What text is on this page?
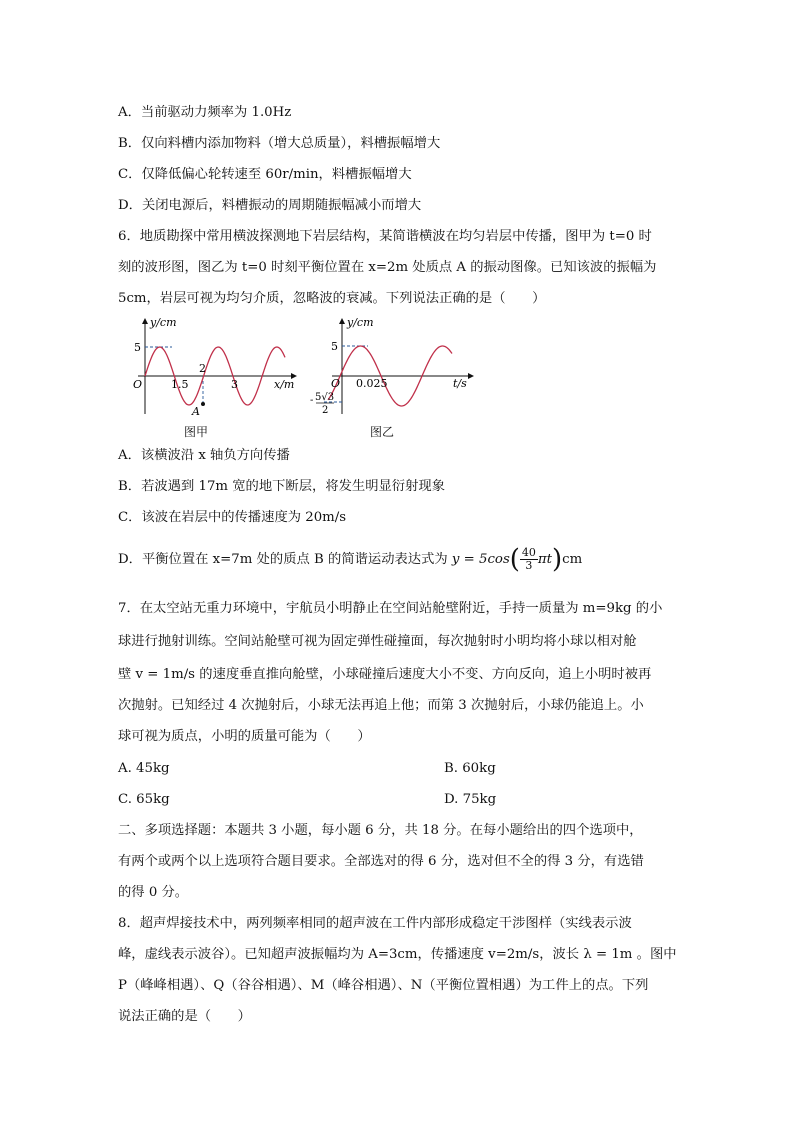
A．当前驱动力频率为 1.0Hz
B．仅向料槽内添加物料（增大总质量），料槽振幅增大
C．仅降低偏心轮转速至 60r/min，料槽振幅增大
D．关闭电源后，料槽振动的周期随振幅减小而增大
6．地质勘探中常用横波探测地下岩层结构，某简谐横波在均匀岩层中传播，图甲为 t=0 时
刻的波形图，图乙为 t=0 时刻平衡位置在 x=2m 处质点 A 的振动图像。已知该波的振幅为
5cm，岩层可视为均匀介质，忽略波的衰减。下列说法正确的是（　　）
y/cm
5
O	1.5
2
3	x/m
A
图甲
y/cm
5
O 0.025	t/s
- 5√3
2
图乙
A．该横波沿 x 轴负方向传播
B．若波遇到 17m 宽的地下断层，将发生明显衍射现象
C．该波在岩层中的传播速度为 20m/s
D．平衡位置在 x=7m 处的质点 B 的简谐运动表达式为 $y = 5\cos( \frac{40}{3} \pi t)cm$
7．在太空站无重力环境中，宇航员小明静止在空间站舱壁附近，手持一质量为 m=9kg 的小
球进行抛射训练。空间站舱壁可视为固定弹性碰撞面，每次抛射时小明均将小球以相对舱
壁 v = 1m/s 的速度垂直推向舱壁，小球碰撞后速度大小不变、方向反向，追上小明时被再
次抛射。已知经过 4 次抛射后，小球无法再追上他；而第 3 次抛射后，小球仍能追上。小
球可视为质点，小明的质量可能为（　　）
A. 45kg	B. 60kg
C. 65kg	D. 75kg
二、多项选择题：本题共 3 小题，每小题 6 分，共 18 分。在每小题给出的四个选项中，
有两个或两个以上选项符合题目要求。全部选对的得 6 分，选对但不全的得 3 分，有选错
的得 0 分。
8．超声焊接技术中，两列频率相同的超声波在工件内部形成稳定干涉图样（实线表示波
峰，虚线表示波谷）。已知超声波振幅均为 A=3cm，传播速度 v=2m/s，波长 λ = 1m 。图中
P（峰峰相遇）、Q（谷谷相遇）、M（峰谷相遇）、N（平衡位置相遇）为工件上的点。下列
说法正确的是（　　）
